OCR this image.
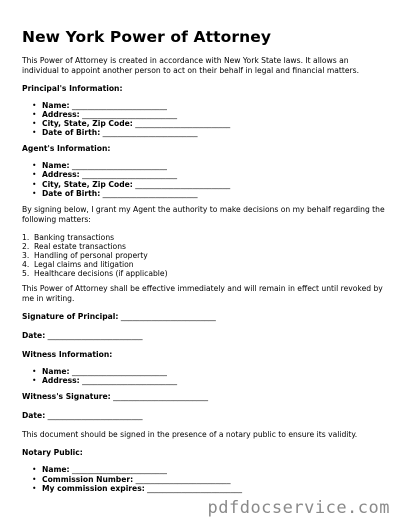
New York Power of Attorney

This Power of Attorney is created in accordance with New York State laws. It allows an individual to appoint another person to act on their behalf in legal and financial matters.

Principal's Information:
• Name: _________________________
• Address: _________________________
• City, State, Zip Code: _________________________
• Date of Birth: _________________________
Agent's Information:
• Name: _________________________
• Address: _________________________
• City, State, Zip Code: _________________________
• Date of Birth: _________________________

By signing below, I grant my Agent the authority to make decisions on my behalf regarding the following matters:

1. Banking transactions
2. Real estate transactions
3. Handling of personal property
4. Legal claims and litigation
5. Healthcare decisions (if applicable)

This Power of Attorney shall be effective immediately and will remain in effect until revoked by me in writing.

Signature of Principal: _________________________
Date: _________________________
Witness Information:
• Name: _________________________
• Address: _________________________
Witness's Signature: _________________________
Date: _________________________

This document should be signed in the presence of a notary public to ensure its validity.

Notary Public:
• Name: _________________________
• Commission Number: _________________________
• My commission expires: _________________________
pdfdocservice.com
